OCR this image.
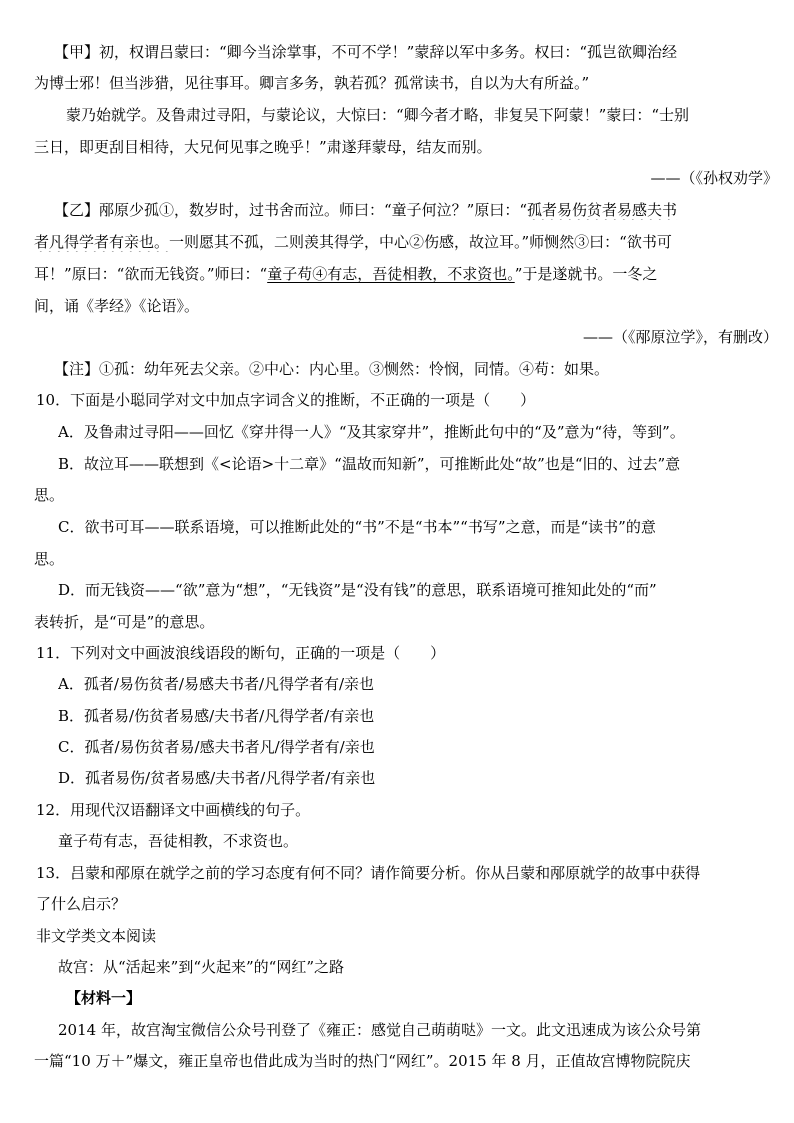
【甲】初，权谓吕蒙曰：“卿今当涂掌事，不可不学！”蒙辞以军中多务。权曰：“孤岂欲卿治经
为博士邪！但当涉猎，见往事耳。卿言多务，孰若孤？孤常读书，自以为大有所益。”
蒙乃始就学。及鲁肃过寻阳，与蒙论议，大惊曰：“卿今者才略，非复吴下阿蒙！”蒙曰：“士别
三日，即更刮目相待，大兄何见事之晚乎！”肃遂拜蒙母，结友而别。
——（《孙权劝学》
【乙】邴原少孤①，数岁时，过书舍而泣。师曰：“童子何泣？”原曰：“孤者易伤贫者易感夫书
者凡得学者有亲也。一则愿其不孤，二则羡其得学，中心②伤感，故泣耳。”师恻然③曰：“欲书可
耳！”原曰：“欲而无钱资。”师曰：“童子苟④有志，吾徒相教，不求资也。”于是遂就书。一冬之
间，诵《孝经》《论语》。
——（《邴原泣学》，有删改）
【注】①孤：幼年死去父亲。②中心：内心里。③恻然：怜悯，同情。④苟：如果。
10．下面是小聪同学对文中加点字词含义的推断，不正确的一项是（　　）
A．及鲁肃过寻阳——回忆《穿井得一人》“及其家穿井”，推断此句中的“及”意为“待，等到”。
B．故泣耳——联想到《<论语>十二章》“温故而知新”，可推断此处“故”也是“旧的、过去”意
思。
C．欲书可耳——联系语境，可以推断此处的“书”不是“书本”“书写”之意，而是“读书”的意
思。
D．而无钱资——“欲”意为“想”，“无钱资”是“没有钱”的意思，联系语境可推知此处的“而”
表转折，是“可是”的意思。
11．下列对文中画波浪线语段的断句，正确的一项是（　　）
A．孤者/易伤贫者/易感夫书者/凡得学者有/亲也
B．孤者易/伤贫者易感/夫书者/凡得学者/有亲也
C．孤者/易伤贫者易/感夫书者凡/得学者有/亲也
D．孤者易伤/贫者易感/夫书者/凡得学者/有亲也
12．用现代汉语翻译文中画横线的句子。
童子苟有志，吾徒相教，不求资也。
13．吕蒙和邴原在就学之前的学习态度有何不同？请作简要分析。你从吕蒙和邴原就学的故事中获得
了什么启示？
非文学类文本阅读
故宫：从“活起来”到“火起来”的“网红”之路
【材料一】
2014 年，故宫淘宝微信公众号刊登了《雍正：感觉自己萌萌哒》一文。此文迅速成为该公众号第
一篇“10 万＋”爆文，雍正皇帝也借此成为当时的热门“网红”。2015 年 8 月，正值故宫博物院院庆
